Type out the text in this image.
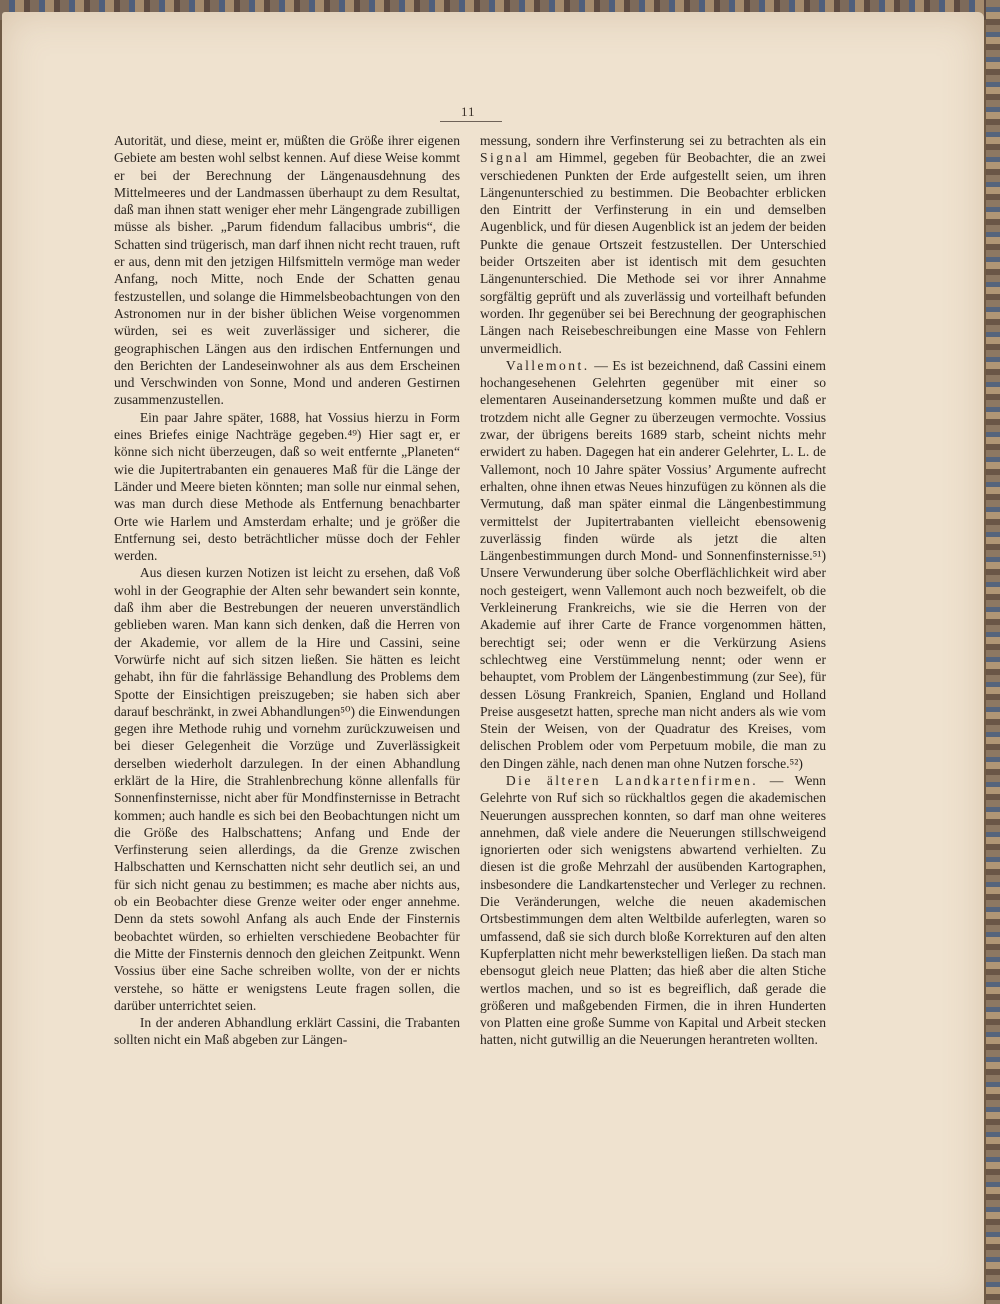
11

Autorität, und diese, meint er, müßten die Größe ihrer eigenen Gebiete am besten wohl selbst kennen. Auf diese Weise kommt er bei der Berechnung der Längenausdehnung des Mittelmeeres und der Landmassen überhaupt zu dem Resultat, daß man ihnen statt weniger eher mehr Längengrade zubilligen müsse als bisher. „Parum fidendum fallacibus umbris“, die Schatten sind trügerisch, man darf ihnen nicht recht trauen, ruft er aus, denn mit den jetzigen Hilfsmitteln vermöge man weder Anfang, noch Mitte, noch Ende der Schatten genau festzustellen, und solange die Himmelsbeobachtungen von den Astronomen nur in der bisher üblichen Weise vorgenommen würden, sei es weit zuverlässiger und sicherer, die geographischen Längen aus den irdischen Entfernungen und den Berichten der Landeseinwohner als aus dem Erscheinen und Verschwinden von Sonne, Mond und anderen Gestirnen zusammenzustellen.

Ein paar Jahre später, 1688, hat Vossius hierzu in Form eines Briefes einige Nachträge gegeben.⁴⁹) Hier sagt er, er könne sich nicht überzeugen, daß so weit entfernte „Planeten“ wie die Jupitertrabanten ein genaueres Maß für die Länge der Länder und Meere bieten könnten; man solle nur einmal sehen, was man durch diese Methode als Entfernung benachbarter Orte wie Harlem und Amsterdam erhalte; und je größer die Entfernung sei, desto beträchtlicher müsse doch der Fehler werden.

Aus diesen kurzen Notizen ist leicht zu ersehen, daß Voß wohl in der Geographie der Alten sehr bewandert sein konnte, daß ihm aber die Bestrebungen der neueren unverständlich geblieben waren. Man kann sich denken, daß die Herren von der Akademie, vor allem de la Hire und Cassini, seine Vorwürfe nicht auf sich sitzen ließen. Sie hätten es leicht gehabt, ihn für die fahrlässige Behandlung des Problems dem Spotte der Einsichtigen preiszugeben; sie haben sich aber darauf beschränkt, in zwei Abhandlungen⁵⁰) die Einwendungen gegen ihre Methode ruhig und vornehm zurückzuweisen und bei dieser Gelegenheit die Vorzüge und Zuverlässigkeit derselben wiederholt darzulegen. In der einen Abhandlung erklärt de la Hire, die Strahlenbrechung könne allenfalls für Sonnenfinsternisse, nicht aber für Mondfinsternisse in Betracht kommen; auch handle es sich bei den Beobachtungen nicht um die Größe des Halbschattens; Anfang und Ende der Verfinsterung seien allerdings, da die Grenze zwischen Halbschatten und Kernschatten nicht sehr deutlich sei, an und für sich nicht genau zu bestimmen; es mache aber nichts aus, ob ein Beobachter diese Grenze weiter oder enger annehme. Denn da stets sowohl Anfang als auch Ende der Finsternis beobachtet würden, so erhielten verschiedene Beobachter für die Mitte der Finsternis dennoch den gleichen Zeitpunkt. Wenn Vossius über eine Sache schreiben wollte, von der er nichts verstehe, so hätte er wenigstens Leute fragen sollen, die darüber unterrichtet seien.

In der anderen Abhandlung erklärt Cassini, die Trabanten sollten nicht ein Maß abgeben zur Längen-

messung, sondern ihre Verfinsterung sei zu betrachten als ein Signal am Himmel, gegeben für Beobachter, die an zwei verschiedenen Punkten der Erde aufgestellt seien, um ihren Längenunterschied zu bestimmen. Die Beobachter erblicken den Eintritt der Verfinsterung in ein und demselben Augenblick, und für diesen Augenblick ist an jedem der beiden Punkte die genaue Ortszeit festzustellen. Der Unterschied beider Ortszeiten aber ist identisch mit dem gesuchten Längenunterschied. Die Methode sei vor ihrer Annahme sorgfältig geprüft und als zuverlässig und vorteilhaft befunden worden. Ihr gegenüber sei bei Berechnung der geographischen Längen nach Reisebeschreibungen eine Masse von Fehlern unvermeidlich.

Vallemont. — Es ist bezeichnend, daß Cassini einem hochangesehenen Gelehrten gegenüber mit einer so elementaren Auseinandersetzung kommen mußte und daß er trotzdem nicht alle Gegner zu überzeugen vermochte. Vossius zwar, der übrigens bereits 1689 starb, scheint nichts mehr erwidert zu haben. Dagegen hat ein anderer Gelehrter, L. L. de Vallemont, noch 10 Jahre später Vossius’ Argumente aufrecht erhalten, ohne ihnen etwas Neues hinzufügen zu können als die Vermutung, daß man später einmal die Längenbestimmung vermittelst der Jupitertrabanten vielleicht ebensowenig zuverlässig finden würde als jetzt die alten Längenbestimmungen durch Mond- und Sonnenfinsternisse.⁵¹) Unsere Verwunderung über solche Oberflächlichkeit wird aber noch gesteigert, wenn Vallemont auch noch bezweifelt, ob die Verkleinerung Frankreichs, wie sie die Herren von der Akademie auf ihrer Carte de France vorgenommen hätten, berechtigt sei; oder wenn er die Verkürzung Asiens schlechtweg eine Verstümmelung nennt; oder wenn er behauptet, vom Problem der Längenbestimmung (zur See), für dessen Lösung Frankreich, Spanien, England und Holland Preise ausgesetzt hatten, spreche man nicht anders als wie vom Stein der Weisen, von der Quadratur des Kreises, vom delischen Problem oder vom Perpetuum mobile, die man zu den Dingen zähle, nach denen man ohne Nutzen forsche.⁵²)

Die älteren Landkartenfirmen. — Wenn Gelehrte von Ruf sich so rückhaltlos gegen die akademischen Neuerungen aussprechen konnten, so darf man ohne weiteres annehmen, daß viele andere die Neuerungen stillschweigend ignorierten oder sich wenigstens abwartend verhielten. Zu diesen ist die große Mehrzahl der ausübenden Kartographen, insbesondere die Landkartenstecher und Verleger zu rechnen. Die Veränderungen, welche die neuen akademischen Ortsbestimmungen dem alten Weltbilde auferlegten, waren so umfassend, daß sie sich durch bloße Korrekturen auf den alten Kupferplatten nicht mehr bewerkstelligen ließen. Da stach man ebensogut gleich neue Platten; das hieß aber die alten Stiche wertlos machen, und so ist es begreiflich, daß gerade die größeren und maßgebenden Firmen, die in ihren Hunderten von Platten eine große Summe von Kapital und Arbeit stecken hatten, nicht gutwillig an die Neuerungen herantreten wollten.
